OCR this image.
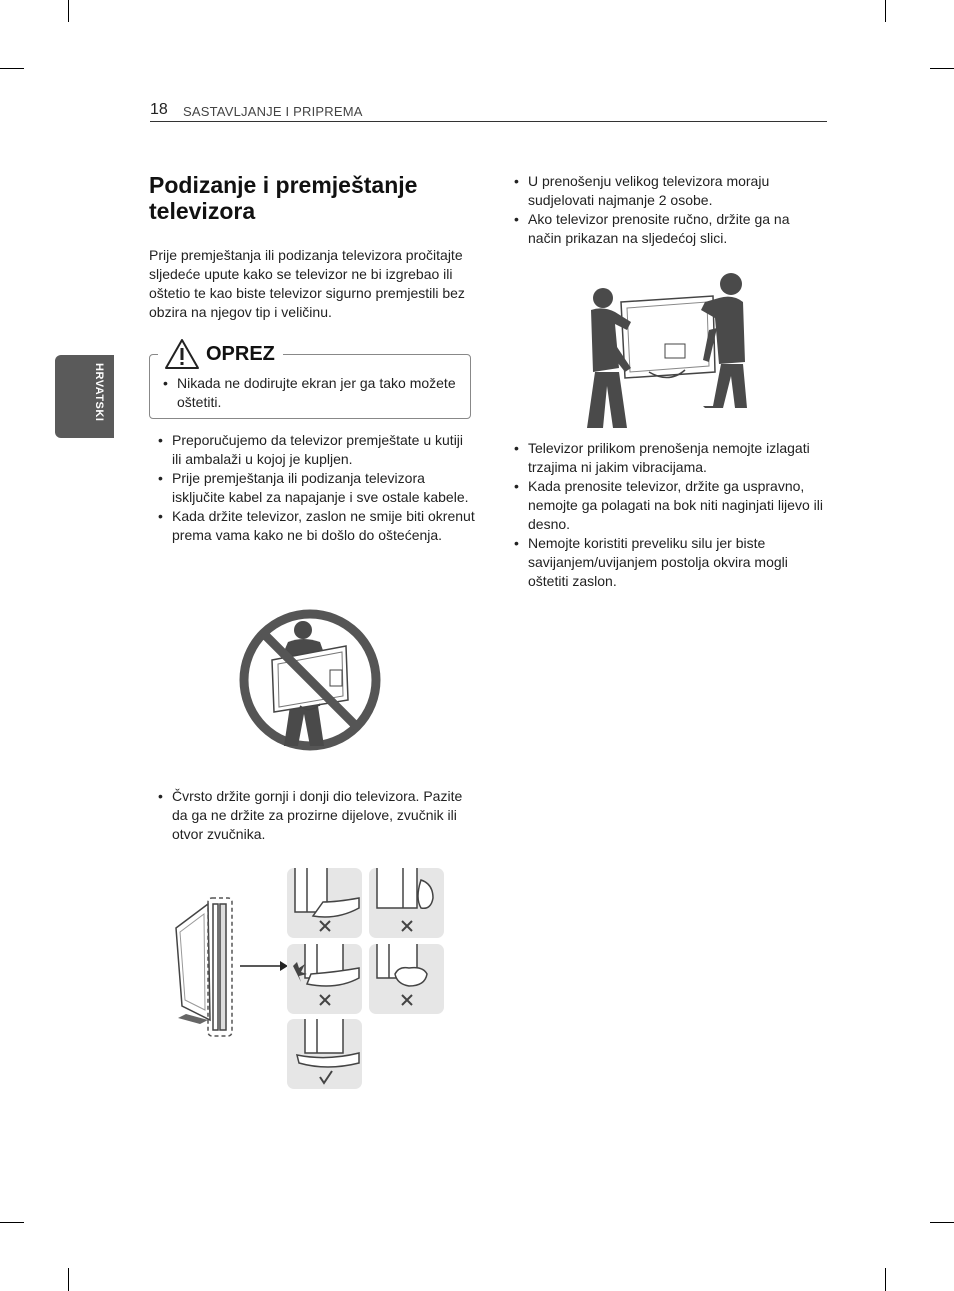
18 SASTAVLJANJE I PRIPREMA
HRVATSKI
Podizanje i premještanje televizora

Prije premještanja ili podizanja televizora pročitajte sljedeće upute kako se televizor ne bi izgrebao ili oštetio te kao biste televizor sigurno premjestili bez obzira na njegov tip i veličinu.

OPREZ
• Nikada ne dodirujte ekran jer ga tako možete oštetiti.
• Preporučujemo da televizor premještate u kutiji ili ambalaži u kojoj je kupljen.
• Prije premještanja ili podizanja televizora isključite kabel za napajanje i sve ostale kabele.
• Kada držite televizor, zaslon ne smije biti okrenut prema vama kako ne bi došlo do oštećenja.
• Čvrsto držite gornji i donji dio televizora. Pazite da ga ne držite za prozirne dijelove, zvučnik ili otvor zvučnika.
• U prenošenju velikog televizora moraju sudjelovati najmanje 2 osobe.
• Ako televizor prenosite ručno, držite ga na način prikazan na sljedećoj slici.
• Televizor prilikom prenošenja nemojte izlagati trzajima ni jakim vibracijama.
• Kada prenosite televizor, držite ga uspravno, nemojte ga polagati na bok niti naginjati lijevo ili desno.
• Nemojte koristiti preveliku silu jer biste savijanjem/uvijanjem postolja okvira mogli oštetiti zaslon.
